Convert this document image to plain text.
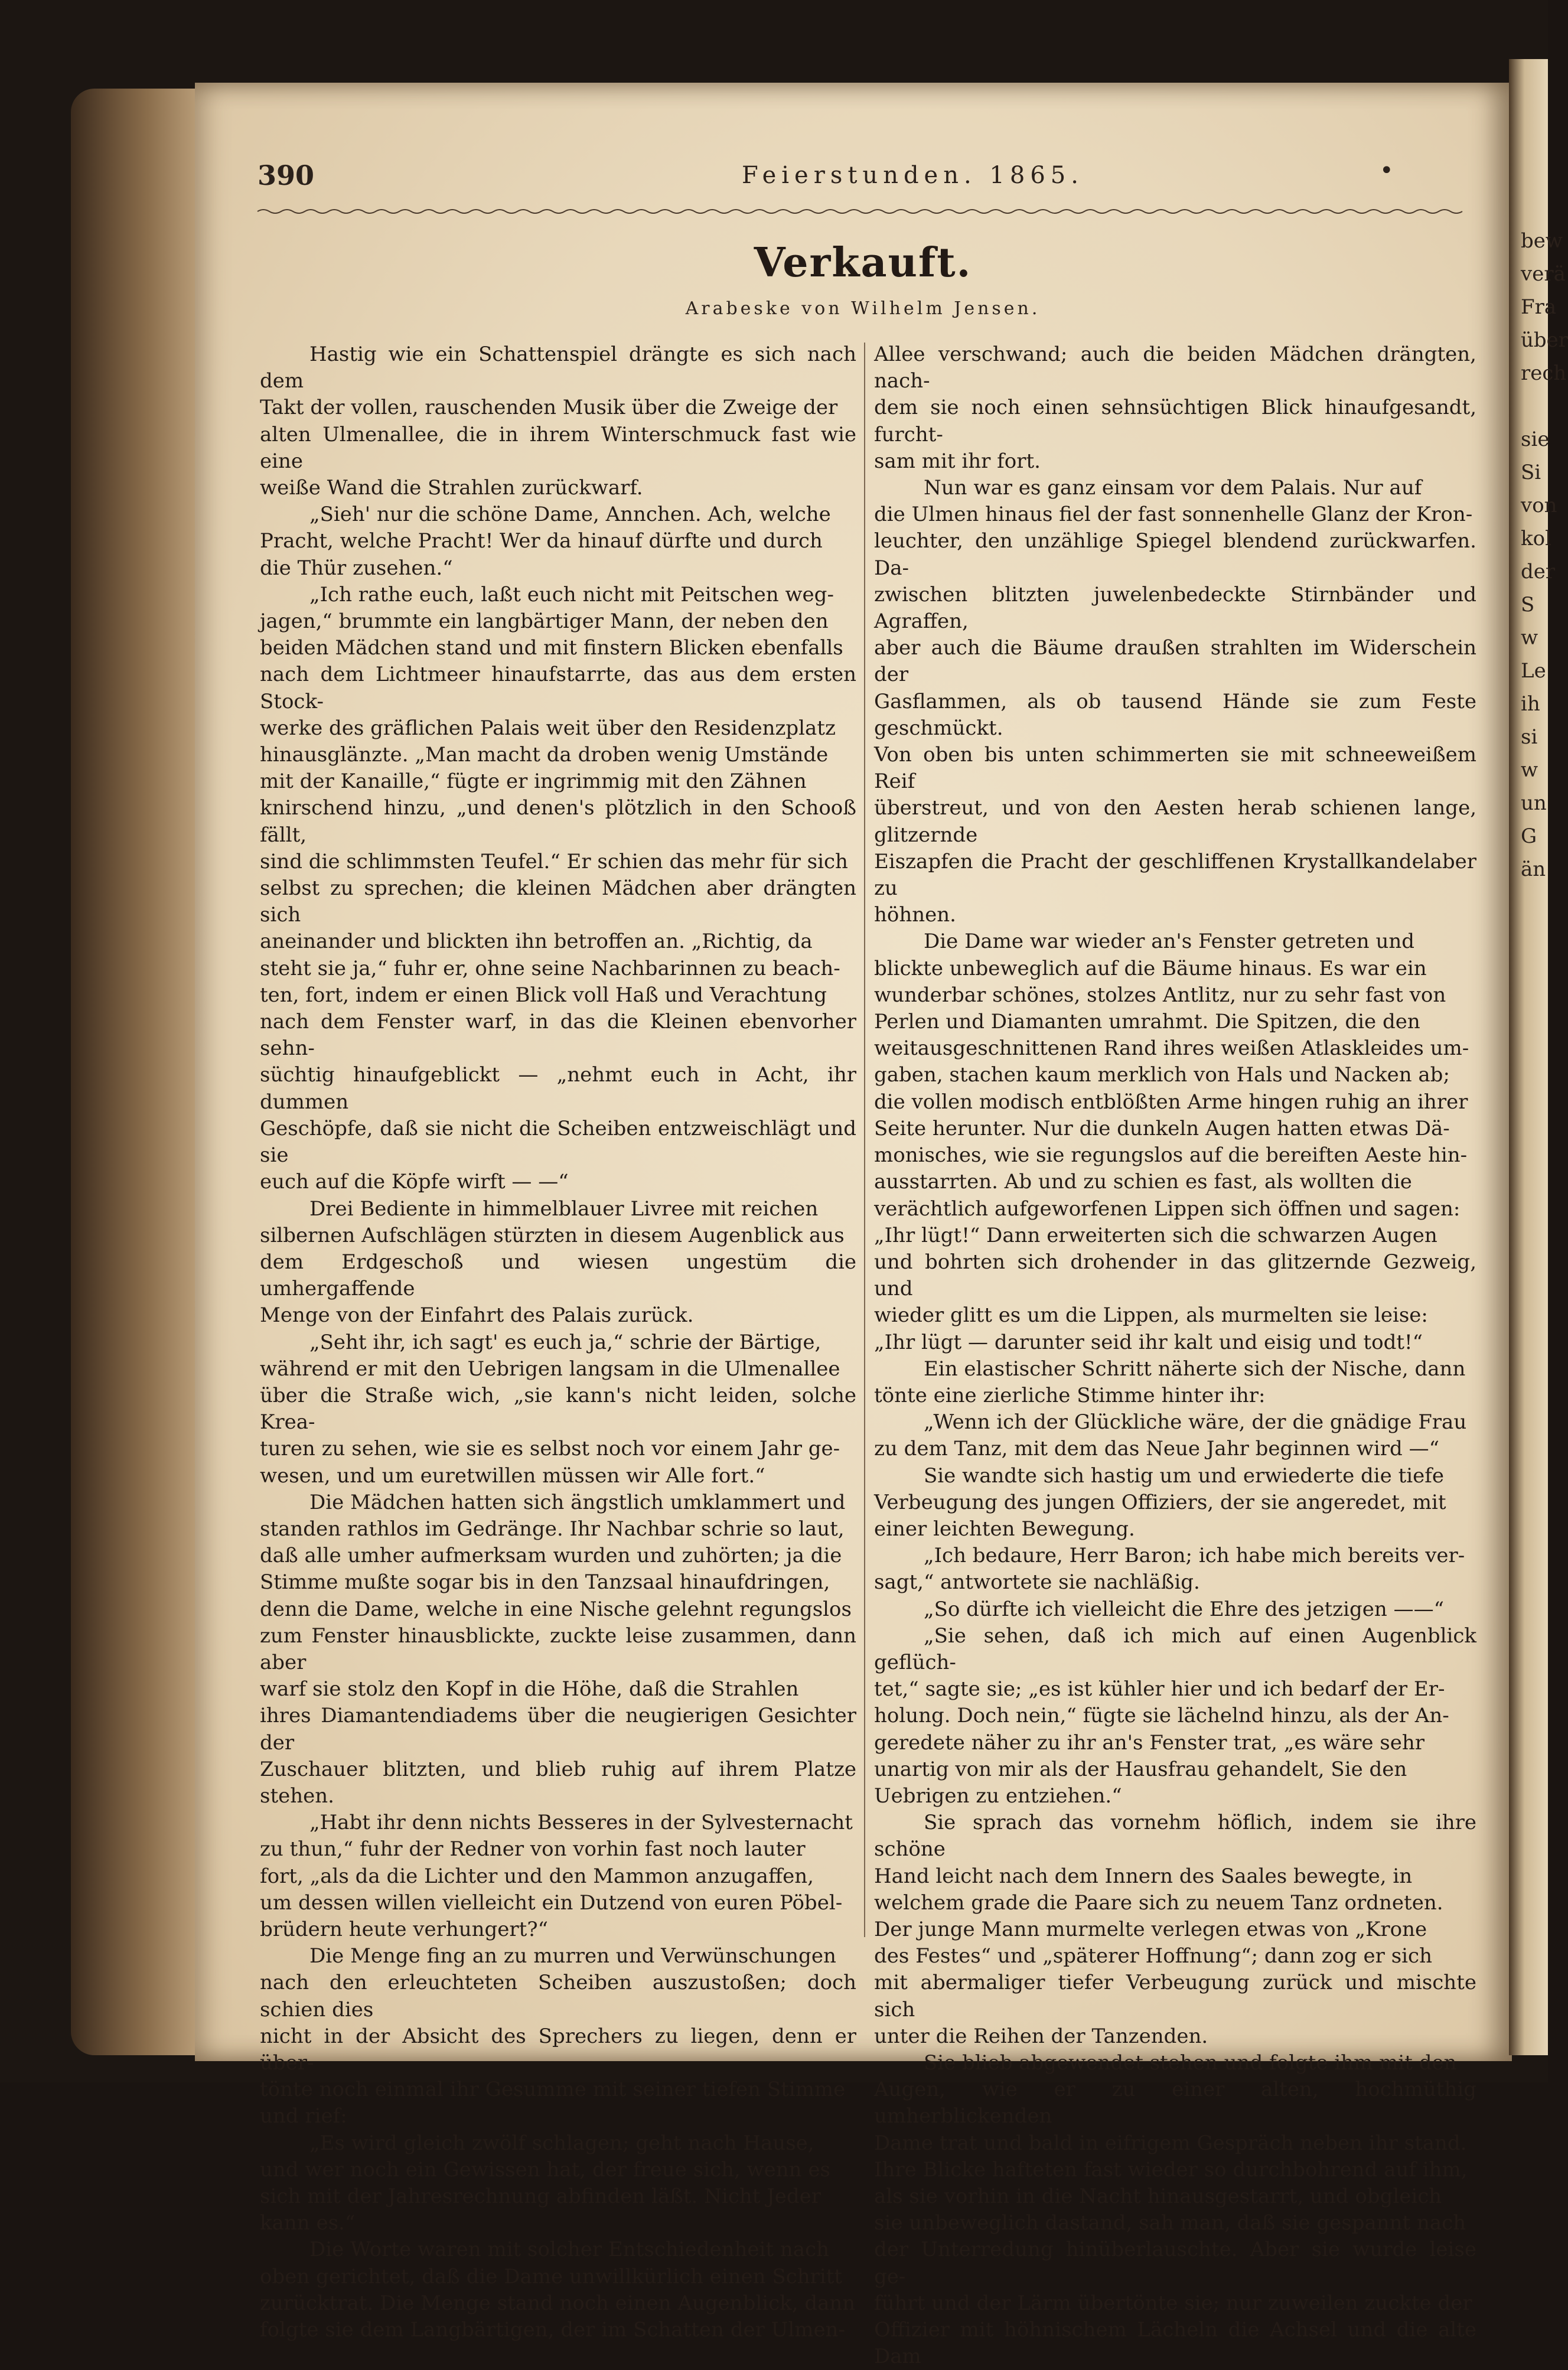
bew
verä
Fra
über
rech

sie
Si
von
kol
der
S
w
Le
ih
si
w
un
G
än
390	Feierstunden. 1865.	•
Verkauft.
Arabeske von Wilhelm Jensen.

Hastig wie ein Schattenspiel drängte es sich nach dem
Takt der vollen, rauschenden Musik über die Zweige der
alten Ulmenallee, die in ihrem Winterschmuck fast wie eine
weiße Wand die Strahlen zurückwarf.

„Sieh' nur die schöne Dame, Annchen. Ach, welche
Pracht, welche Pracht! Wer da hinauf dürfte und durch
die Thür zusehen.“

„Ich rathe euch, laßt euch nicht mit Peitschen weg-
jagen,“ brummte ein langbärtiger Mann, der neben den
beiden Mädchen stand und mit finstern Blicken ebenfalls
nach dem Lichtmeer hinaufstarrte, das aus dem ersten Stock-
werke des gräflichen Palais weit über den Residenzplatz
hinausglänzte. „Man macht da droben wenig Umstände
mit der Kanaille,“ fügte er ingrimmig mit den Zähnen
knirschend hinzu, „und denen's plötzlich in den Schooß fällt,
sind die schlimmsten Teufel.“ Er schien das mehr für sich
selbst zu sprechen; die kleinen Mädchen aber drängten sich
aneinander und blickten ihn betroffen an. „Richtig, da
steht sie ja,“ fuhr er, ohne seine Nachbarinnen zu beach-
ten, fort, indem er einen Blick voll Haß und Verachtung
nach dem Fenster warf, in das die Kleinen ebenvorher sehn-
süchtig hinaufgeblickt — „nehmt euch in Acht, ihr dummen
Geschöpfe, daß sie nicht die Scheiben entzweischlägt und sie
euch auf die Köpfe wirft — —“

Drei Bediente in himmelblauer Livree mit reichen
silbernen Aufschlägen stürzten in diesem Augenblick aus
dem Erdgeschoß und wiesen ungestüm die umhergaffende
Menge von der Einfahrt des Palais zurück.

„Seht ihr, ich sagt' es euch ja,“ schrie der Bärtige,
während er mit den Uebrigen langsam in die Ulmenallee
über die Straße wich, „sie kann's nicht leiden, solche Krea-
turen zu sehen, wie sie es selbst noch vor einem Jahr ge-
wesen, und um euretwillen müssen wir Alle fort.“

Die Mädchen hatten sich ängstlich umklammert und
standen rathlos im Gedränge. Ihr Nachbar schrie so laut,
daß alle umher aufmerksam wurden und zuhörten; ja die
Stimme mußte sogar bis in den Tanzsaal hinaufdringen,
denn die Dame, welche in eine Nische gelehnt regungslos
zum Fenster hinausblickte, zuckte leise zusammen, dann aber
warf sie stolz den Kopf in die Höhe, daß die Strahlen
ihres Diamantendiadems über die neugierigen Gesichter der
Zuschauer blitzten, und blieb ruhig auf ihrem Platze stehen.

„Habt ihr denn nichts Besseres in der Sylvesternacht
zu thun,“ fuhr der Redner von vorhin fast noch lauter
fort, „als da die Lichter und den Mammon anzugaffen,
um dessen willen vielleicht ein Dutzend von euren Pöbel-
brüdern heute verhungert?“

Die Menge fing an zu murren und Verwünschungen
nach den erleuchteten Scheiben auszustoßen; doch schien dies
nicht in der Absicht des Sprechers zu liegen, denn er über-
tönte noch einmal ihr Gesumme mit seiner tiefen Stimme
und rief:

„Es wird gleich zwölf schlagen; geht nach Hause,
und wer noch ein Gewissen hat, der freue sich, wenn es
sich mit der Jahresrechnung abfinden läßt. Nicht Jeder
kann es.“

Die Worte waren mit solcher Entschiedenheit nach
oben gerichtet, daß die Dame unwillkürlich einen Schritt
zurücktrat. Die Menge stand noch einen Augenblick, dann
folgte sie dem Langbärtigen, der im Schatten der Ulmen-

Allee verschwand; auch die beiden Mädchen drängten, nach-
dem sie noch einen sehnsüchtigen Blick hinaufgesandt, furcht-
sam mit ihr fort.

Nun war es ganz einsam vor dem Palais. Nur auf
die Ulmen hinaus fiel der fast sonnenhelle Glanz der Kron-
leuchter, den unzählige Spiegel blendend zurückwarfen. Da-
zwischen blitzten juwelenbedeckte Stirnbänder und Agraffen,
aber auch die Bäume draußen strahlten im Widerschein der
Gasflammen, als ob tausend Hände sie zum Feste geschmückt.
Von oben bis unten schimmerten sie mit schneeweißem Reif
überstreut, und von den Aesten herab schienen lange, glitzernde
Eiszapfen die Pracht der geschliffenen Krystallkandelaber zu
höhnen.

Die Dame war wieder an's Fenster getreten und
blickte unbeweglich auf die Bäume hinaus. Es war ein
wunderbar schönes, stolzes Antlitz, nur zu sehr fast von
Perlen und Diamanten umrahmt. Die Spitzen, die den
weitausgeschnittenen Rand ihres weißen Atlaskleides um-
gaben, stachen kaum merklich von Hals und Nacken ab;
die vollen modisch entblößten Arme hingen ruhig an ihrer
Seite herunter. Nur die dunkeln Augen hatten etwas Dä-
monisches, wie sie regungslos auf die bereiften Aeste hin-
ausstarrten. Ab und zu schien es fast, als wollten die
verächtlich aufgeworfenen Lippen sich öffnen und sagen:
„Ihr lügt!“ Dann erweiterten sich die schwarzen Augen
und bohrten sich drohender in das glitzernde Gezweig, und
wieder glitt es um die Lippen, als murmelten sie leise:
„Ihr lügt — darunter seid ihr kalt und eisig und todt!“

Ein elastischer Schritt näherte sich der Nische, dann
tönte eine zierliche Stimme hinter ihr:

„Wenn ich der Glückliche wäre, der die gnädige Frau
zu dem Tanz, mit dem das Neue Jahr beginnen wird —“

Sie wandte sich hastig um und erwiederte die tiefe
Verbeugung des jungen Offiziers, der sie angeredet, mit
einer leichten Bewegung.

„Ich bedaure, Herr Baron; ich habe mich bereits ver-
sagt,“ antwortete sie nachläßig.

„So dürfte ich vielleicht die Ehre des jetzigen ——“

„Sie sehen, daß ich mich auf einen Augenblick geflüch-
tet,“ sagte sie; „es ist kühler hier und ich bedarf der Er-
holung. Doch nein,“ fügte sie lächelnd hinzu, als der An-
geredete näher zu ihr an's Fenster trat, „es wäre sehr
unartig von mir als der Hausfrau gehandelt, Sie den
Uebrigen zu entziehen.“

Sie sprach das vornehm höflich, indem sie ihre schöne
Hand leicht nach dem Innern des Saales bewegte, in
welchem grade die Paare sich zu neuem Tanz ordneten.
Der junge Mann murmelte verlegen etwas von „Krone
des Festes“ und „späterer Hoffnung“; dann zog er sich
mit abermaliger tiefer Verbeugung zurück und mischte sich
unter die Reihen der Tanzenden.

Sie blieb abgewendet stehen und folgte ihm mit den
Augen, wie er zu einer alten, hochmüthig umherblickenden
Dame trat und bald in eifrigem Gespräch neben ihr stand.
Ihre Blicke hafteten fast wieder so durchbohrend auf ihm,
als sie vorhin in die Nacht hinausgestarrt, und obgleich
sie unbeweglich dastand, sah man, daß sie gespannt nach
der Unterredung hinüberlauschte. Aber sie wurde leise ge-
führt und der Lärm übertönte sie; nur zuweilen zuckte der
Offizier mit höhnischem Lächeln die Achsel und die alte Dam
